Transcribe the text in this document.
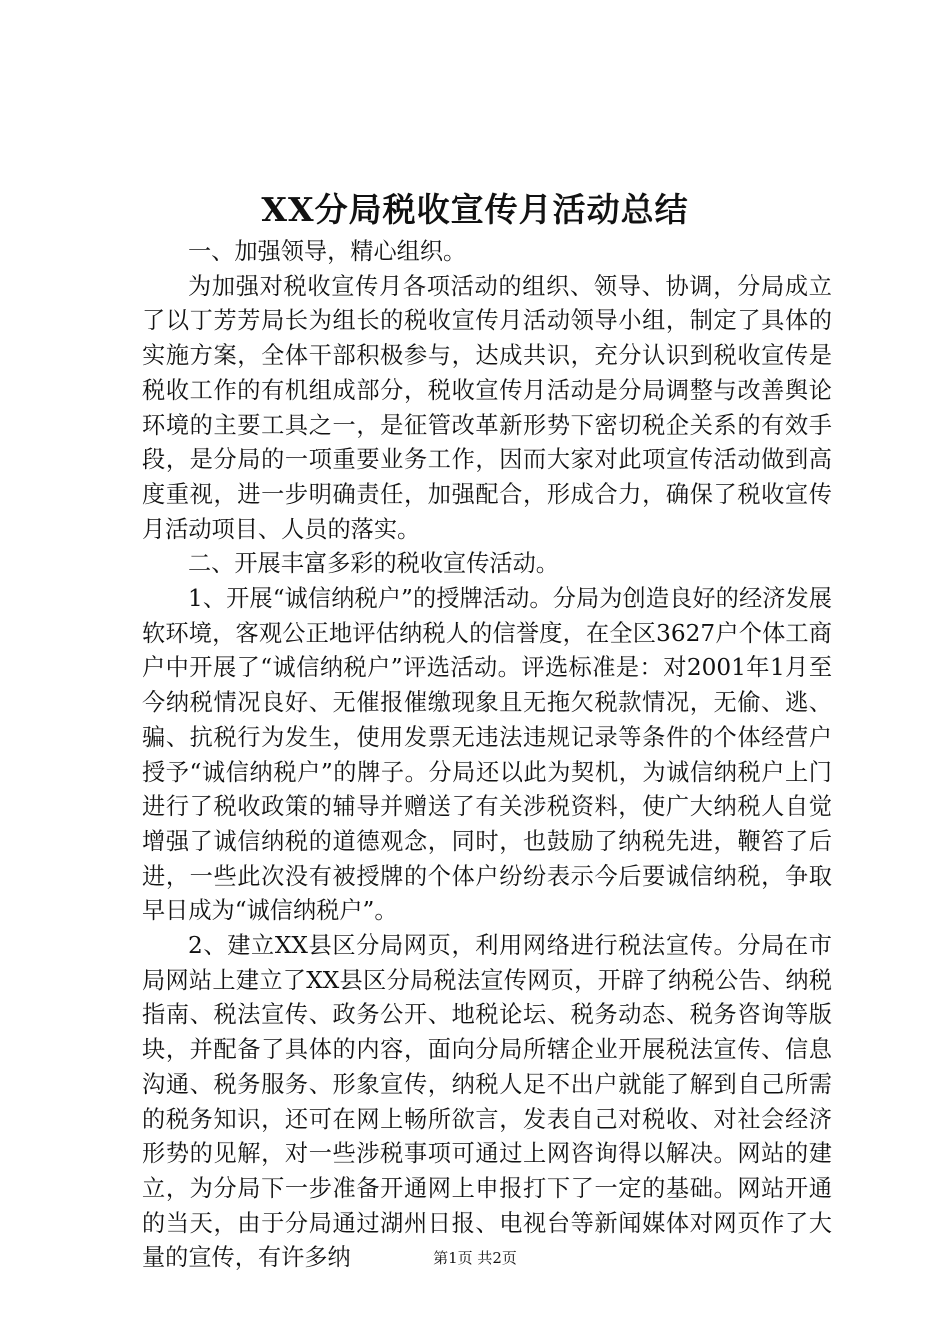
XX分局税收宣传月活动总结

一、加强领导，精心组织。

为加强对税收宣传月各项活动的组织、领导、协调，分局成立了以丁芳芳局长为组长的税收宣传月活动领导小组，制定了具体的实施方案，全体干部积极参与，达成共识，充分认识到税收宣传是税收工作的有机组成部分，税收宣传月活动是分局调整与改善舆论环境的主要工具之一，是征管改革新形势下密切税企关系的有效手段，是分局的一项重要业务工作，因而大家对此项宣传活动做到高度重视，进一步明确责任，加强配合，形成合力，确保了税收宣传月活动项目、人员的落实。

二、开展丰富多彩的税收宣传活动。

1、开展“诚信纳税户”的授牌活动。分局为创造良好的经济发展软环境，客观公正地评估纳税人的信誉度，在全区3627户个体工商户中开展了“诚信纳税户”评选活动。评选标准是：对2001年1月至今纳税情况良好、无催报催缴现象且无拖欠税款情况，无偷、逃、骗、抗税行为发生，使用发票无违法违规记录等条件的个体经营户授予“诚信纳税户”的牌子。分局还以此为契机，为诚信纳税户上门进行了税收政策的辅导并赠送了有关涉税资料，使广大纳税人自觉增强了诚信纳税的道德观念，同时，也鼓励了纳税先进，鞭笞了后进，一些此次没有被授牌的个体户纷纷表示今后要诚信纳税，争取早日成为“诚信纳税户”。

2、建立XX县区分局网页，利用网络进行税法宣传。分局在市局网站上建立了XX县区分局税法宣传网页，开辟了纳税公告、纳税指南、税法宣传、政务公开、地税论坛、税务动态、税务咨询等版块，并配备了具体的内容，面向分局所辖企业开展税法宣传、信息沟通、税务服务、形象宣传，纳税人足不出户就能了解到自己所需的税务知识，还可在网上畅所欲言，发表自己对税收、对社会经济形势的见解，对一些涉税事项可通过上网咨询得以解决。网站的建立，为分局下一步准备开通网上申报打下了一定的基础。网站开通的当天，由于分局通过湖州日报、电视台等新闻媒体对网页作了大量的宣传，有许多纳	第1页 共2页
